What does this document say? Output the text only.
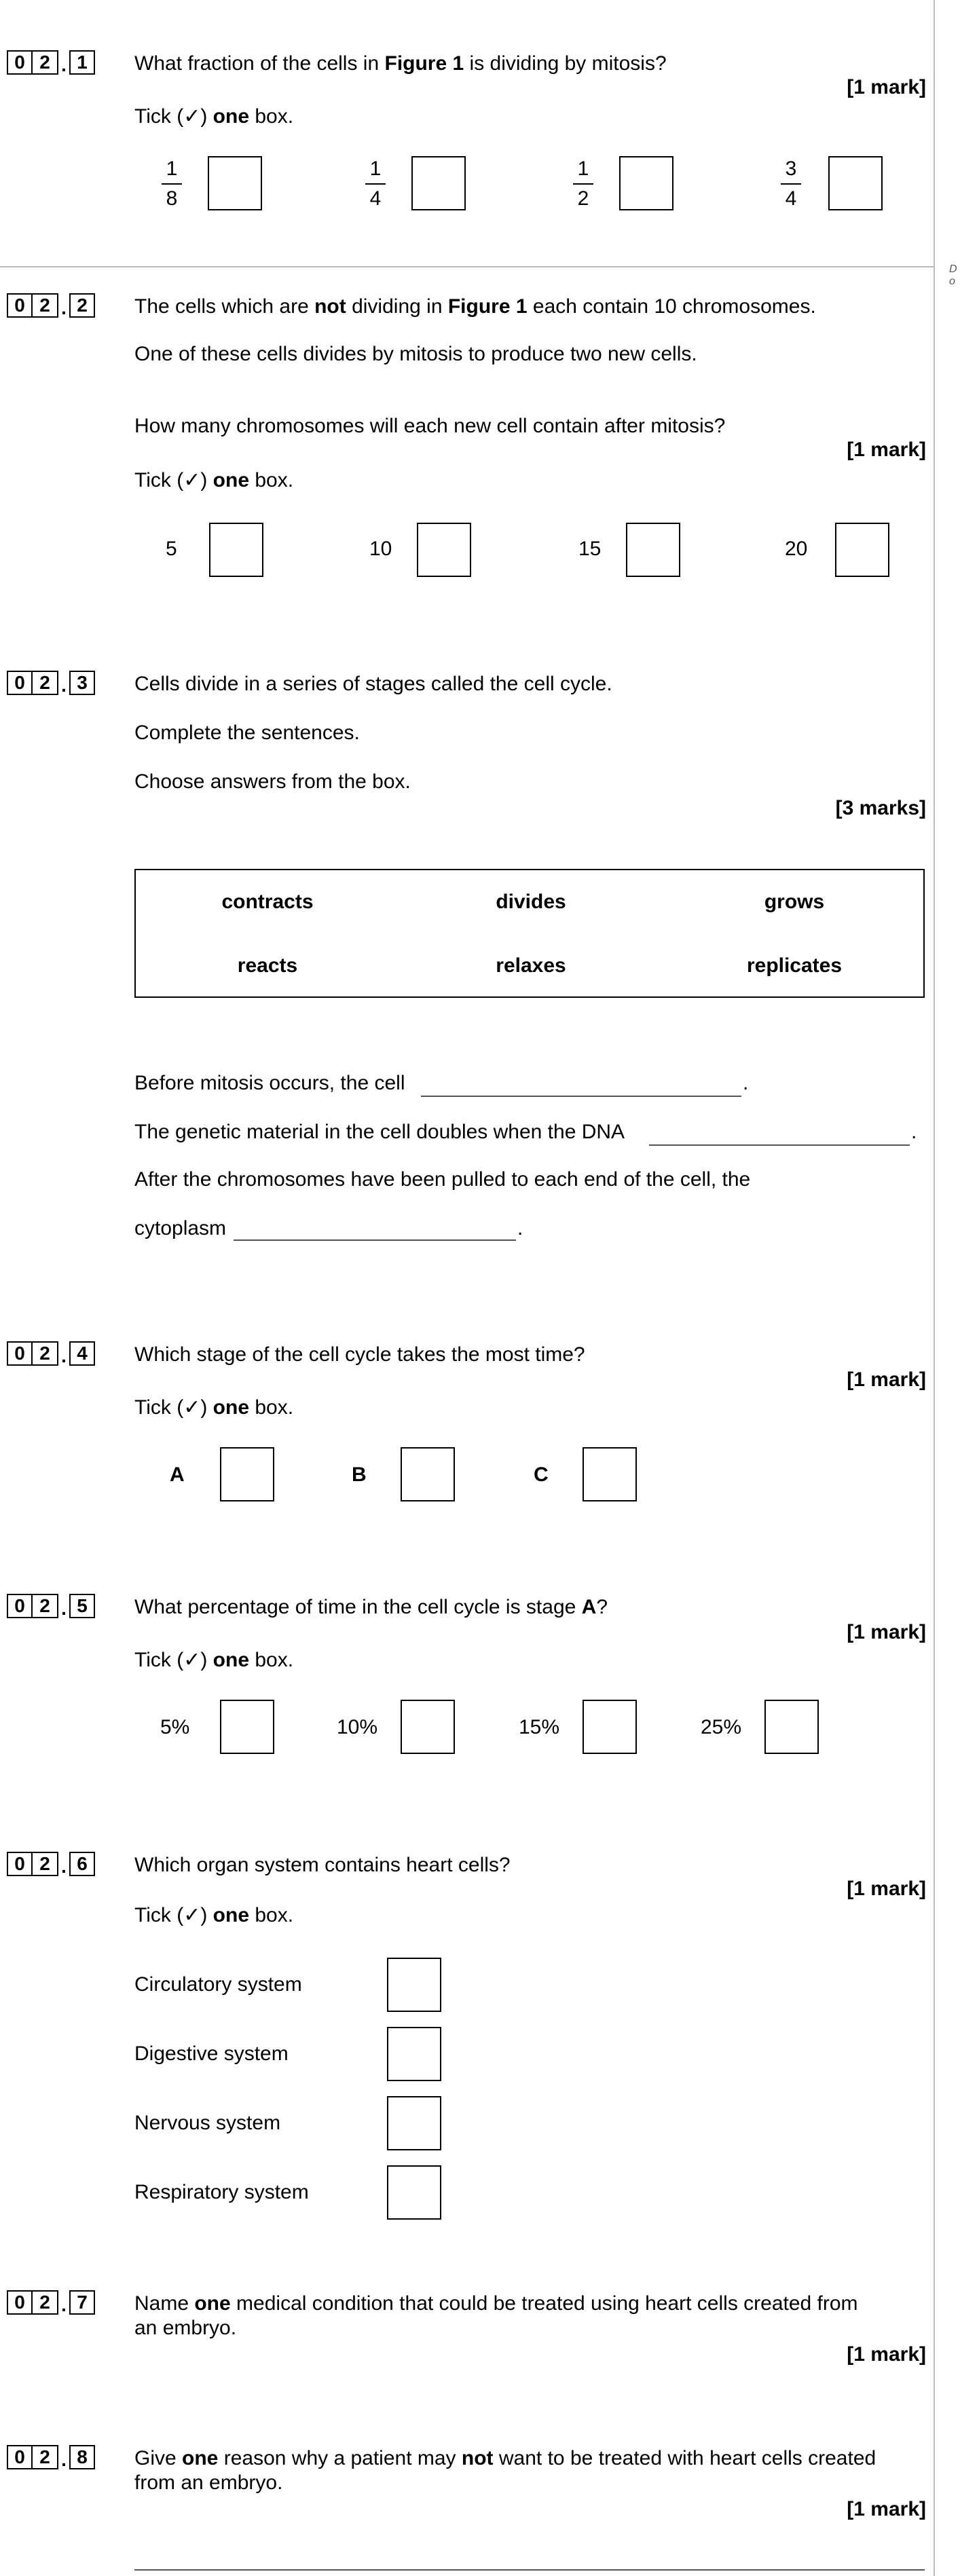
D
o
0 2 . 1	What fraction of the cells in Figure 1 is dividing by mitosis?
[1 mark]
Tick (✓) one box.
1
8
1
4
1
2
3
4
0 2 . 2	The cells which are not dividing in Figure 1 each contain 10 chromosomes.
One of these cells divides by mitosis to produce two new cells.
How many chromosomes will each new cell contain after mitosis?
[1 mark]
Tick (✓) one box.
5	10	15	20
0 2 . 3	Cells divide in a series of stages called the cell cycle.
Complete the sentences.
Choose answers from the box.
[3 marks]
contracts	divides	grows
reacts	relaxes	replicates
Before mitosis occurs, the cell	.
The genetic material in the cell doubles when the DNA	.
After the chromosomes have been pulled to each end of the cell, the
cytoplasm	.
0 2 . 4	Which stage of the cell cycle takes the most time?
[1 mark]
Tick (✓) one box.
A	B	C
0 2 . 5	What percentage of time in the cell cycle is stage A?
[1 mark]
Tick (✓) one box.
5%	10%	15%	25%
0 2 . 6	Which organ system contains heart cells?
[1 mark]
Tick (✓) one box.
Circulatory system
Digestive system
Nervous system
Respiratory system
0 2 . 7	Name one medical condition that could be treated using heart cells created from
an embryo.
[1 mark]
0 2 . 8	Give one reason why a patient may not want to be treated with heart cells created
from an embryo.
[1 mark]
